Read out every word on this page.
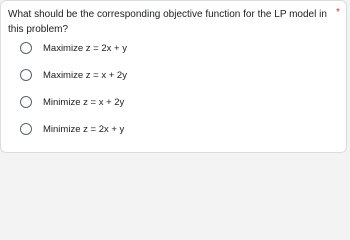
What should be the corresponding objective function for the LP model in this problem?
*
Maximize z = 2x + y
Maximize z = x + 2y
Minimize z = x + 2y
Minimize z = 2x + y
